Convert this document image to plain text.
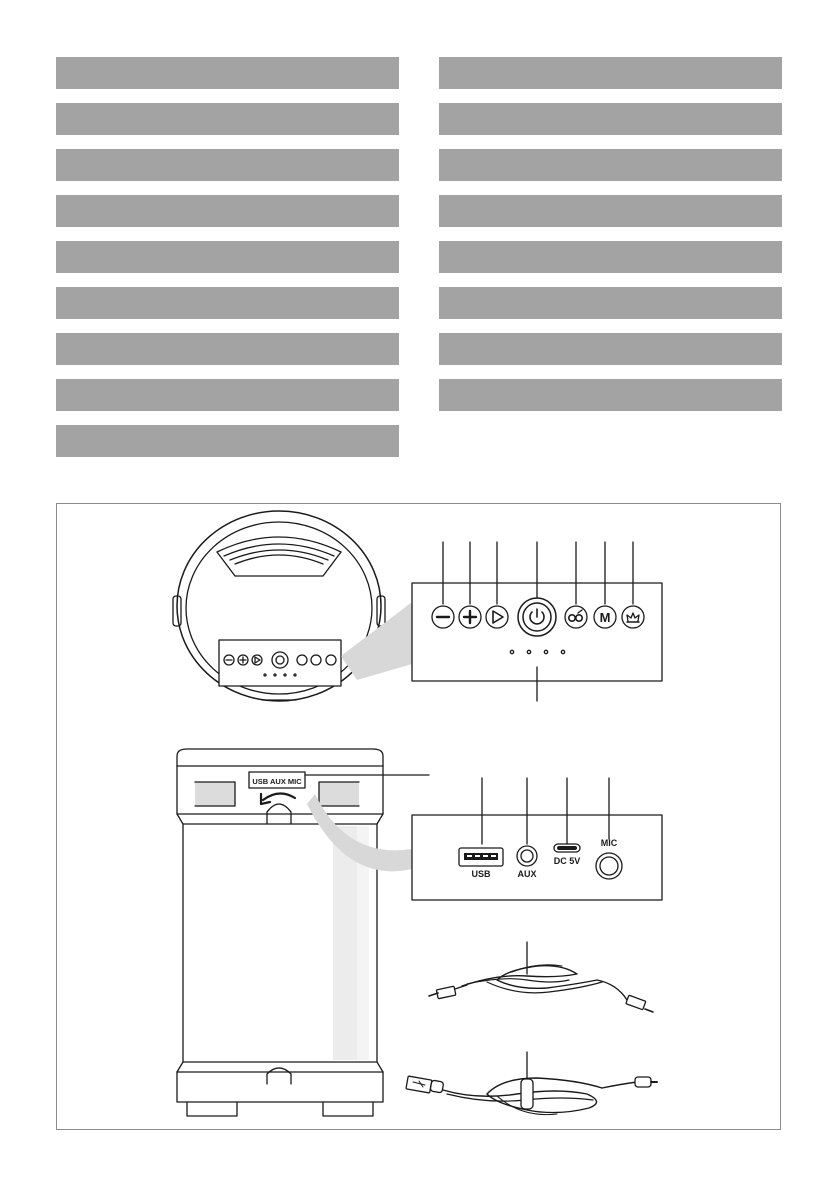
M
USB AUX MIC
USB	AUX
DC 5V
MIC
